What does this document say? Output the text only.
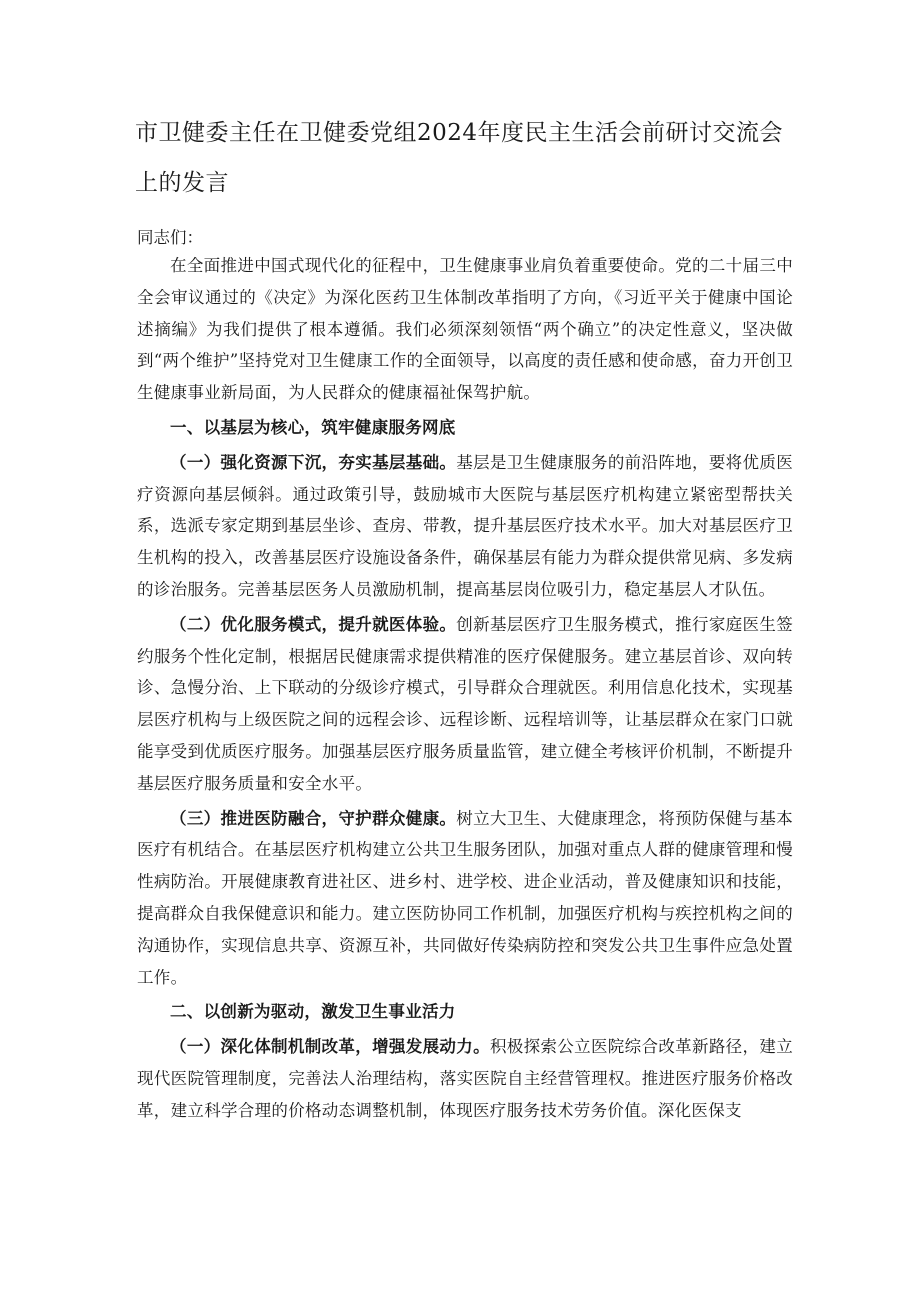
市卫健委主任在卫健委党组2024年度民主生活会前研讨交流会上的发言

同志们：

在全面推进中国式现代化的征程中，卫生健康事业肩负着重要使命。党的二十届三中全会审议通过的《决定》为深化医药卫生体制改革指明了方向，《习近平关于健康中国论述摘编》为我们提供了根本遵循。我们必须深刻领悟“两个确立”的决定性意义，坚决做到“两个维护”坚持党对卫生健康工作的全面领导，以高度的责任感和使命感，奋力开创卫生健康事业新局面，为人民群众的健康福祉保驾护航。

一、以基层为核心，筑牢健康服务网底

（一）强化资源下沉，夯实基层基础。基层是卫生健康服务的前沿阵地，要将优质医疗资源向基层倾斜。通过政策引导，鼓励城市大医院与基层医疗机构建立紧密型帮扶关系，选派专家定期到基层坐诊、查房、带教，提升基层医疗技术水平。加大对基层医疗卫生机构的投入，改善基层医疗设施设备条件，确保基层有能力为群众提供常见病、多发病的诊治服务。完善基层医务人员激励机制，提高基层岗位吸引力，稳定基层人才队伍。

（二）优化服务模式，提升就医体验。创新基层医疗卫生服务模式，推行家庭医生签约服务个性化定制，根据居民健康需求提供精准的医疗保健服务。建立基层首诊、双向转诊、急慢分治、上下联动的分级诊疗模式，引导群众合理就医。利用信息化技术，实现基层医疗机构与上级医院之间的远程会诊、远程诊断、远程培训等，让基层群众在家门口就能享受到优质医疗服务。加强基层医疗服务质量监管，建立健全考核评价机制，不断提升基层医疗服务质量和安全水平。

（三）推进医防融合，守护群众健康。树立大卫生、大健康理念，将预防保健与基本医疗有机结合。在基层医疗机构建立公共卫生服务团队，加强对重点人群的健康管理和慢性病防治。开展健康教育进社区、进乡村、进学校、进企业活动，普及健康知识和技能，提高群众自我保健意识和能力。建立医防协同工作机制，加强医疗机构与疾控机构之间的沟通协作，实现信息共享、资源互补，共同做好传染病防控和突发公共卫生事件应急处置工作。

二、以创新为驱动，激发卫生事业活力

（一）深化体制机制改革，增强发展动力。积极探索公立医院综合改革新路径，建立现代医院管理制度，完善法人治理结构，落实医院自主经营管理权。推进医疗服务价格改革，建立科学合理的价格动态调整机制，体现医疗服务技术劳务价值。深化医保支
